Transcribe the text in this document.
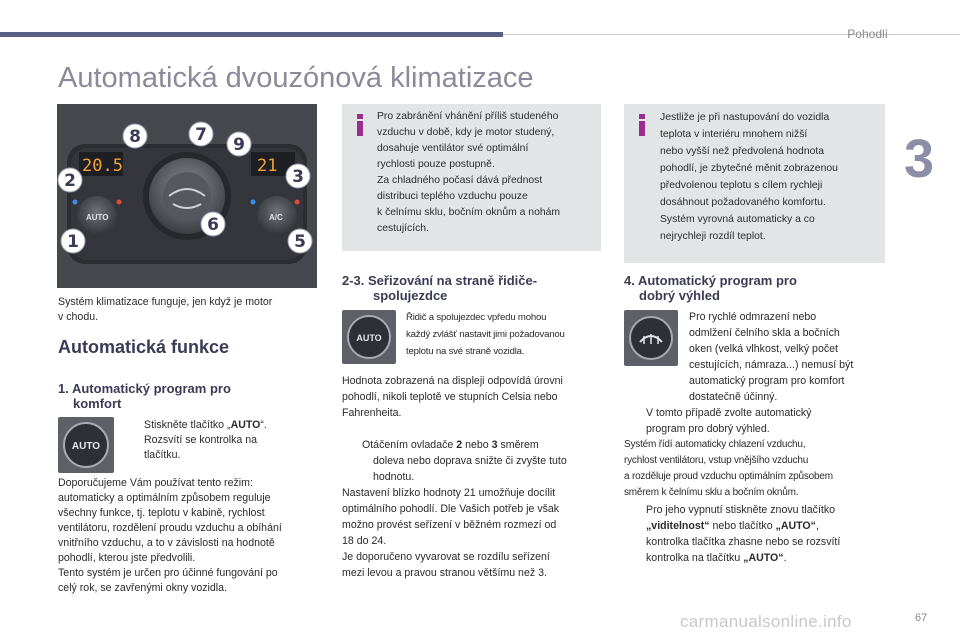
Pohodlí
3
Automatická dvouzónová klimatizace
20.5	21
AUTO	A/C
8	7 9
2	3
6
1	5

Systém klimatizace funguje, jen když je motor
v chodu.

Automatická funkce
1. Automatický program pro
komfort
AUTO
Stiskněte tlačítko „AUTO“.
Rozsvítí se kontrolka na
tlačítku.

Doporučujeme Vám používat tento režim:
automaticky a optimálním způsobem reguluje
všechny funkce, tj. teplotu v kabině, rychlost
ventilátoru, rozdělení proudu vzduchu a obíhání
vnitřního vzduchu, a to v závislosti na hodnotě
pohodlí, kterou jste předvolili.
Tento systém je určen pro účinné fungování po
celý rok, se zavřenými okny vozidla.

Pro zabránění vhánění příliš studeného
vzduchu v době, kdy je motor studený,
dosahuje ventilátor své optimální
rychlosti pouze postupně.
Za chladného počasí dává přednost
distribuci teplého vzduchu pouze
k čelnímu sklu, bočním oknům a nohám
cestujících.
2-3. Seřizování na straně řidiče-
spolujezdce
AUTO

Řidič a spolujezdec vpředu mohou
každý zvlášť nastavit jimi požadovanou
teplotu na své straně vozidla.

Hodnota zobrazená na displeji odpovídá úrovni
pohodlí, nikoli teplotě ve stupních Celsia nebo
Fahrenheita.

Otáčením ovladače 2 nebo 3 směrem
doleva nebo doprava snižte či zvyšte tuto
hodnotu.

Nastavení blízko hodnoty 21 umožňuje docílit
optimálního pohodlí. Dle Vašich potřeb je však
možno provést seřízení v běžném rozmezí od
18 do 24.
Je doporučeno vyvarovat se rozdílu seřízení
mezi levou a pravou stranou většímu než 3.

Jestliže je při nastupování do vozidla
teplota v interiéru mnohem nižší
nebo vyšší než předvolená hodnota
pohodlí, je zbytečné měnit zobrazenou
předvolenou teplotu s cílem rychleji
dosáhnout požadovaného komfortu.
Systém vyrovná automaticky a co
nejrychleji rozdíl teplot.
4. Automatický program pro
dobrý výhled

Pro rychlé odmrazení nebo
odmlžení čelního skla a bočních
oken (velká vlhkost, velký počet
cestujících, námraza...) nemusí být
automatický program pro komfort
dostatečně účinný.

V tomto případě zvolte automatický
program pro dobrý výhled.

Systém řídí automaticky chlazení vzduchu,
rychlost ventilátoru, vstup vnějšího vzduchu
a rozděluje proud vzduchu optimálním způsobem
směrem k čelnímu sklu a bočním oknům.

Pro jeho vypnutí stiskněte znovu tlačítko
„viditelnost“ nebo tlačítko „AUTO“,
kontrolka tlačítka zhasne nebo se rozsvítí
kontrolka na tlačítku „AUTO“.
carmanualsonline.info	67
